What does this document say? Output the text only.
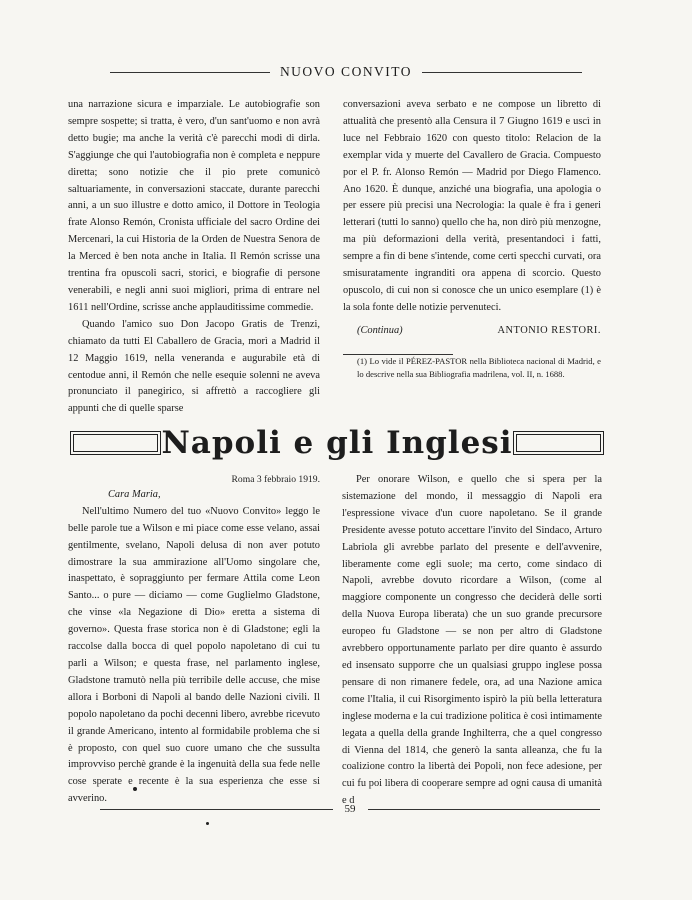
NUOVO CONVITO

una narrazione sicura e imparziale. Le autobiografie son sempre sospette; si tratta, è vero, d'un sant'uomo e non avrà detto bugie; ma anche la verità c'è parecchi modi di dirla. S'aggiunge che qui l'autobiografia non è completa e neppure diretta; sono notizie che il pio prete comunicò saltuariamente, in conversazioni staccate, durante parecchi anni, a un suo illustre e dotto amico, il Dottore in Teologia frate Alonso Remón, Cronista ufficiale del sacro Ordine dei Mercenari, la cui Historia de la Orden de Nuestra Senora de la Merced è ben nota anche in Italia. Il Remón scrisse una trentina fra opuscoli sacri, storici, e biografie di persone venerabili, e negli anni suoi migliori, prima di entrare nel 1611 nell'Ordine, scrisse anche applauditissime commedie.

Quando l'amico suo Don Jacopo Gratis de Trenzi, chiamato da tutti El Caballero de Gracia, morì a Madrid il 12 Maggio 1619, nella veneranda e augurabile età di centodue anni, il Remón che nelle esequie solenni ne aveva pronunciato il panegirico, si affrettò a raccogliere gli appunti che di quelle sparse

conversazioni aveva serbato e ne compose un libretto di attualità che presentò alla Censura il 7 Giugno 1619 e uscì in luce nel Febbraio 1620 con questo titolo: Relacion de la exemplar vida y muerte del Cavallero de Gracia. Compuesto por el P. fr. Alonso Remón — Madrid por Diego Flamenco. Ano 1620. È dunque, anziché una biografia, una apologia o per essere più precisi una Necrologia: la quale è fra i generi letterari (tutti lo sanno) quello che ha, non dirò più menzogne, ma più deformazioni della verità, presentandoci i fatti, sempre a fin di bene s'intende, come certi specchi curvati, ora smisuratamente ingranditi ora appena di scorcio. Questo opuscolo, di cui non si conosce che un unico esemplare (1) è la sola fonte delle notizie pervenuteci.

(Continua)	ANTONIO RESTORI.

(1) Lo vide il PÉREZ-PASTOR nella Biblioteca nacional di Madrid, e lo descrive nella sua Bibliografia madrilena, vol. II, n. 1688.

Napoli e gli Inglesi
Roma 3 febbraio 1919.
Cara Maria,

Nell'ultimo Numero del tuo «Nuovo Convito» leggo le belle parole tue a Wilson e mi piace come esse velano, assai gentilmente, svelano, Napoli delusa di non aver potuto dimostrare la sua ammirazione all'Uomo singolare che, inaspettato, è sopraggiunto per fermare Attila come Leon Santo... o pure — diciamo — come Guglielmo Gladstone, che vinse «la Negazione di Dio» eretta a sistema di governo». Questa frase storica non è di Gladstone; egli la raccolse dalla bocca di quel popolo napoletano di cui tu parli a Wilson; e questa frase, nel parlamento inglese, Gladstone tramutò nella più terribile delle accuse, che mise allora i Borboni di Napoli al bando delle Nazioni civili. Il popolo napoletano da pochi decenni libero, avrebbe ricevuto il grande Americano, intento al formidabile problema che si è proposto, con quel suo cuore umano che che sussulta improvviso perchè grande è la ingenuità della sua fede nelle cose sperate e recente è la sua esperienza che esse si avverino.

Per onorare Wilson, e quello che si spera per la sistemazione del mondo, il messaggio di Napoli era l'espressione vivace d'un cuore napoletano. Se il grande Presidente avesse potuto accettare l'invito del Sindaco, Arturo Labriola gli avrebbe parlato del presente e dell'avvenire, liberamente come egli suole; ma certo, come sindaco di Napoli, avrebbe dovuto ricordare a Wilson, (come al maggiore componente un congresso che deciderà delle sorti della Nuova Europa liberata) che un suo grande precursore europeo fu Gladstone — se non per altro di Gladstone avrebbero opportunamente parlato per dire quanto è assurdo ed insensato supporre che un qualsiasi gruppo inglese possa pensare di non rimanere fedele, ora, ad una Nazione amica come l'Italia, il cui Risorgimento ispirò la più bella letteratura inglese moderna e la cui tradizione politica è così intimamente legata a quella della grande Inghilterra, che a quel congresso di Vienna del 1814, che generò la santa alleanza, che fu la coalizione contro la libertà dei Popoli, non fece adesione, per cui fu poi libera di cooperare sempre ad ogni causa di umanità e d

59
